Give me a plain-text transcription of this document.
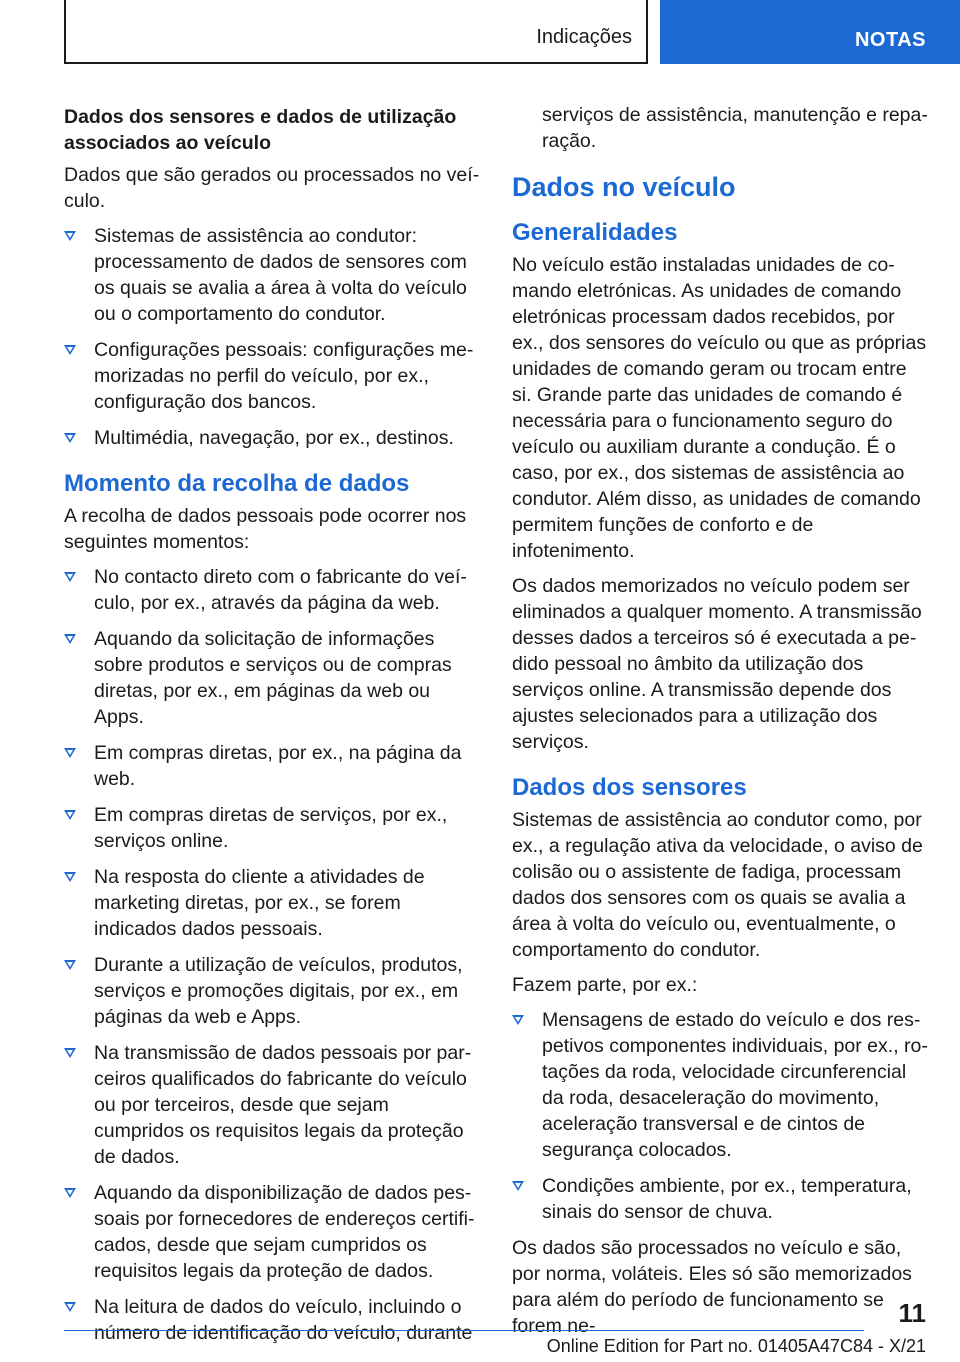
Indicações	NOTAS

Dados dos sensores e dados de utilização associados ao veículo

Dados que são gerados ou processados no veículo.

Sistemas de assistência ao condutor: processamento de dados de sensores com os quais se avalia a área à volta do veículo ou o comportamento do condutor.
Configurações pessoais: configurações memorizadas no perfil do veículo, por ex., configuração dos bancos.
Multimédia, navegação, por ex., destinos.
Momento da recolha de dados

A recolha de dados pessoais pode ocorrer nos seguintes momentos:

No contacto direto com o fabricante do veículo, por ex., através da página da web.
Aquando da solicitação de informações sobre produtos e serviços ou de compras diretas, por ex., em páginas da web ou Apps.
Em compras diretas, por ex., na página da web.
Em compras diretas de serviços, por ex., serviços online.
Na resposta do cliente a atividades de marketing diretas, por ex., se forem indicados dados pessoais.
Durante a utilização de veículos, produtos, serviços e promoções digitais, por ex., em páginas da web e Apps.
Na transmissão de dados pessoais por parceiros qualificados do fabricante do veículo ou por terceiros, desde que sejam cumpridos os requisitos legais da proteção de dados.
Aquando da disponibilização de dados pessoais por fornecedores de endereços certificados, desde que sejam cumpridos os requisitos legais da proteção de dados.
Na leitura de dados do veículo, incluindo o número de identificação do veículo, durante

serviços de assistência, manutenção e reparação.

Dados no veículo
Generalidades

No veículo estão instaladas unidades de comando eletrónicas. As unidades de comando eletrónicas processam dados recebidos, por ex., dos sensores do veículo ou que as próprias unidades de comando geram ou trocam entre si. Grande parte das unidades de comando é necessária para o funcionamento seguro do veículo ou auxiliam durante a condução. É o caso, por ex., dos sistemas de assistência ao condutor. Além disso, as unidades de comando permitem funções de conforto e de infotenimento.

Os dados memorizados no veículo podem ser eliminados a qualquer momento. A transmissão desses dados a terceiros só é executada a pedido pessoal no âmbito da utilização dos serviços online. A transmissão depende dos ajustes selecionados para a utilização dos serviços.

Dados dos sensores

Sistemas de assistência ao condutor como, por ex., a regulação ativa da velocidade, o aviso de colisão ou o assistente de fadiga, processam dados dos sensores com os quais se avalia a área à volta do veículo ou, eventualmente, o comportamento do condutor.

Fazem parte, por ex.:

Mensagens de estado do veículo e dos respetivos componentes individuais, por ex., rotações da roda, velocidade circunferencial da roda, desaceleração do movimento, aceleração transversal e de cintos de segurança colocados.
Condições ambiente, por ex., temperatura, sinais do sensor de chuva.

Os dados são processados no veículo e são, por norma, voláteis. Eles só são memorizados para além do período de funcionamento se forem ne-	11
Online Edition for Part no. 01405A47C84 - X/21
